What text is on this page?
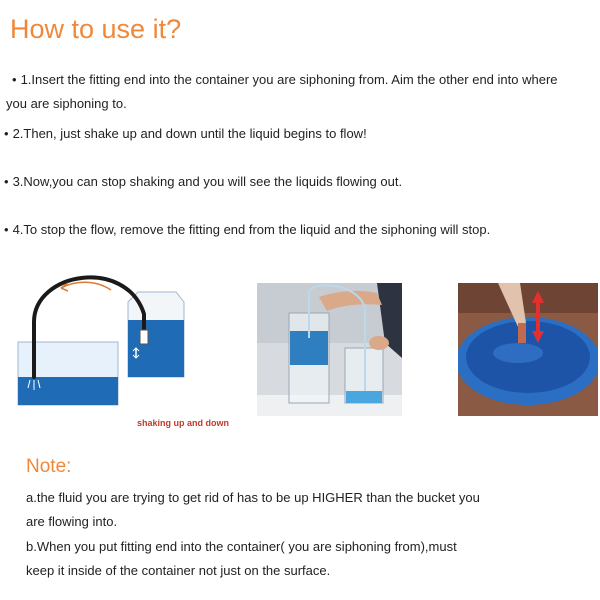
How to use it?

• 1.Insert the fitting end into the container you are siphoning from. Aim the other end into where
you are siphoning to.

• 2.Then, just shake up and down until the liquid begins to flow!

• 3.Now,you can stop shaking and you will see the liquids flowing out.

• 4.To stop the flow, remove the fitting end from the liquid and the siphoning will stop.

shaking up and down
Note:

a.the fluid you are trying to get rid of has to be up HIGHER than the bucket you
are flowing into.

b.When you put fitting end into the container( you are siphoning from),must
keep it inside of the container not just on the surface.
